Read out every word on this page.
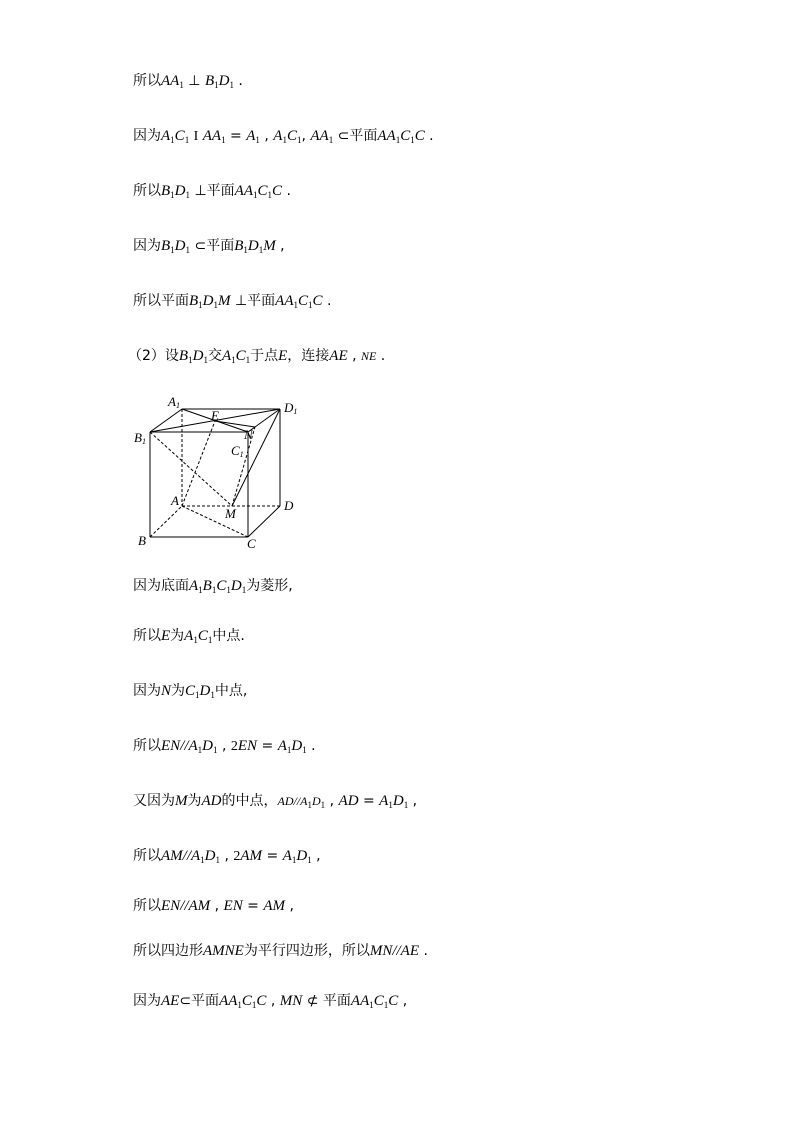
所以$AA_1$ ⊥ $B_1D_1$ .
因为$A_1C_1$ I $AA_1 = A_1$ , $A_1C_1$, $AA_1$ ⊂平面$AA_1C_1C$ .
所以$B_1D_1$ ⊥平面$AA_1C_1C$ .
因为$B_1D_1$ ⊂平面$B_1D_1M$ ,
所以平面$B_1D_1M$ ⊥平面$AA_1C_1C$ .
（2）设$B_1D_1$交$A_1C_1$于点E，连接AE , NE .
A1	D1
B1
C1
E
N
A
M
D
B	C
因为底面$A_1B_1C_1D_1$为菱形,
所以E为$A_1C_1$中点.
因为N为$C_1D_1$中点,
所以$EN//A_1D_1$ , $2EN = A_1D_1$ .
又因为M为AD的中点，$AD//A_1D_1$ , AD = $A_1D_1$ ,
所以$AM//A_1D_1$ , $2AM = A_1D_1$ ,
所以EN//AM , EN = AM ,
所以四边形AMNE为平行四边形，所以MN//AE .
因为AE⊂平面$AA_1C_1C$ , MN ⊄ 平面$AA_1C_1C$ ,
